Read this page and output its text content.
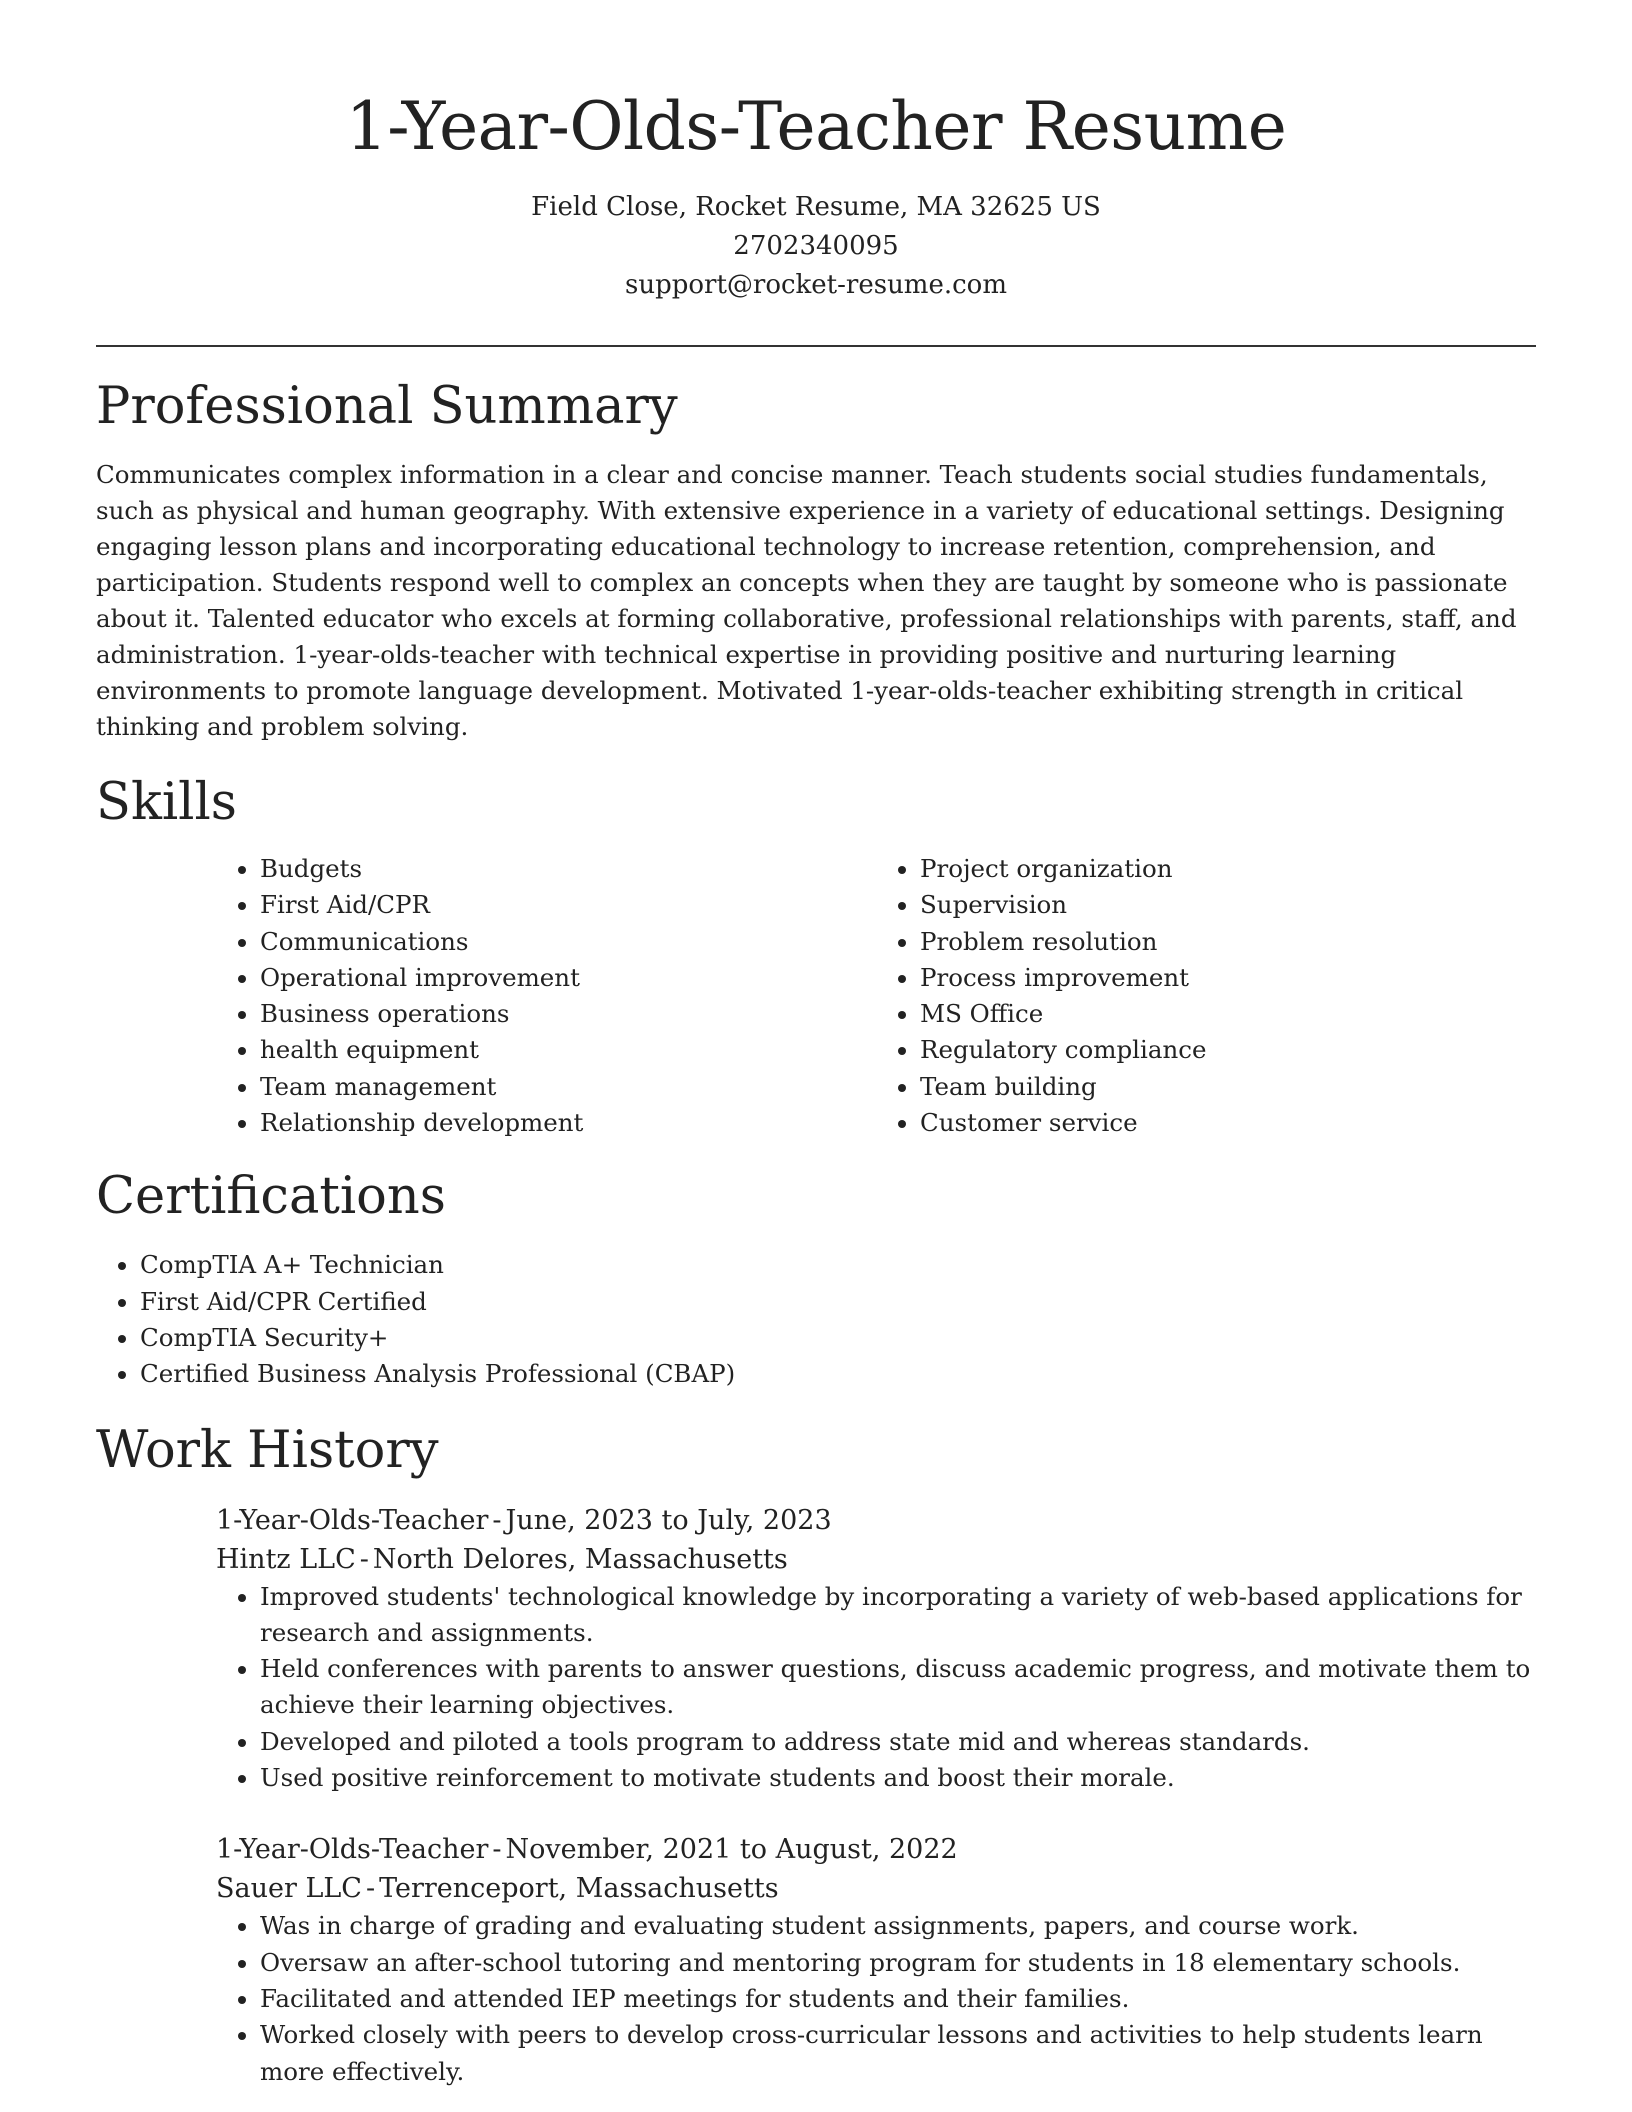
1-Year-Olds-Teacher Resume
Field Close, Rocket Resume, MA 32625 US
2702340095
support@rocket-resume.com
Professional Summary

Communicates complex information in a clear and concise manner. Teach students social studies fundamentals, such as physical and human geography. With extensive experience in a variety of educational settings. Designing engaging lesson plans and incorporating educational technology to increase retention, comprehension, and participation. Students respond well to complex an concepts when they are taught by someone who is passionate about it. Talented educator who excels at forming collaborative, professional relationships with parents, staff, and administration. 1-year-olds-teacher with technical expertise in providing positive and nurturing learning environments to promote language development. Motivated 1-year-olds-teacher exhibiting strength in critical thinking and problem solving.

Skills
• Budgets
• First Aid/CPR
• Communications
• Operational improvement
• Business operations
• health equipment
• Team management
• Relationship development
• Project organization
• Supervision
• Problem resolution
• Process improvement
• MS Office
• Regulatory compliance
• Team building
• Customer service
Certifications
• CompTIA A+ Technician
• First Aid/CPR Certified
• CompTIA Security+
• Certified Business Analysis Professional (CBAP)
Work History
1-Year-Olds-Teacher - June, 2023 to July, 2023
Hintz LLC - North Delores, Massachusetts
• Improved students' technological knowledge by incorporating a variety of web-based applications for research and assignments.
• Held conferences with parents to answer questions, discuss academic progress, and motivate them to achieve their learning objectives.
• Developed and piloted a tools program to address state mid and whereas standards.
• Used positive reinforcement to motivate students and boost their morale.
1-Year-Olds-Teacher - November, 2021 to August, 2022
Sauer LLC - Terrenceport, Massachusetts
• Was in charge of grading and evaluating student assignments, papers, and course work.
• Oversaw an after-school tutoring and mentoring program for students in 18 elementary schools.
• Facilitated and attended IEP meetings for students and their families.
• Worked closely with peers to develop cross-curricular lessons and activities to help students learn more effectively.
